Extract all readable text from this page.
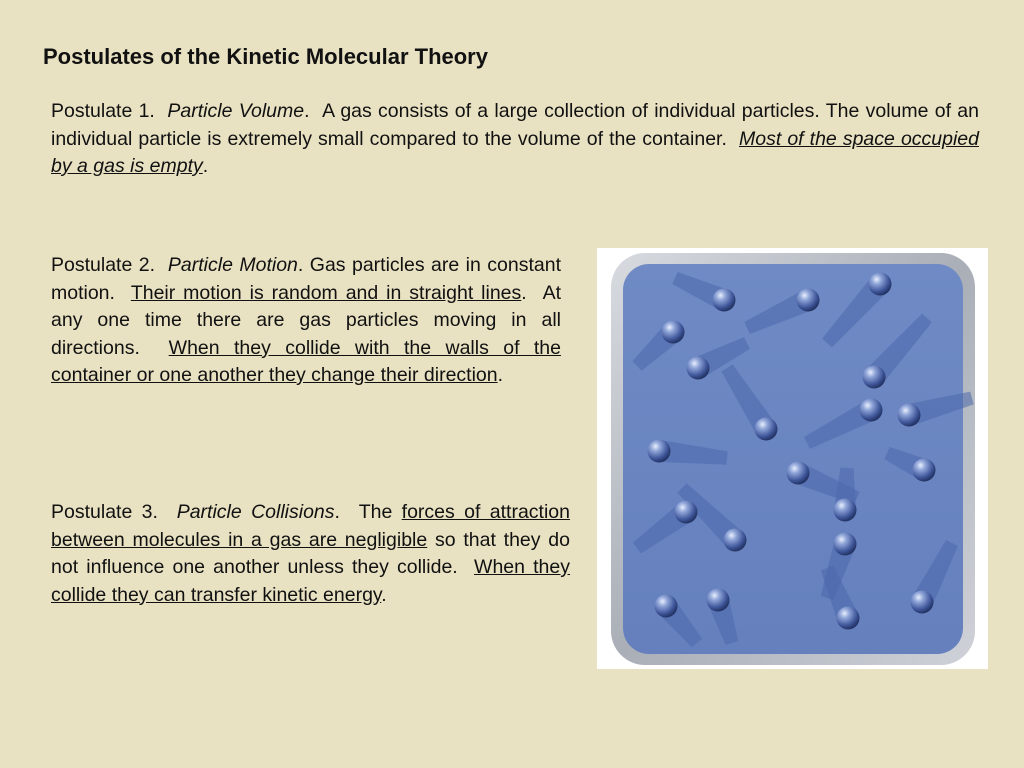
Postulates of the Kinetic Molecular Theory

Postulate 1. Particle Volume.  A gas consists of a large collection of individual particles. The volume of an individual particle is extremely small compared to the volume of the container. Most of the space occupied by a gas is empty.

Postulate 2. Particle Motion. Gas particles are in constant motion. Their motion is random and in straight lines.  At any one time there are gas particles moving in all directions. When they collide with the walls of the container or one another they change their direction.

Postulate 3. Particle Collisions.  The forces of attraction between molecules in a gas are negligible so that they do not influence one another unless they collide. When they collide they can transfer kinetic energy.
